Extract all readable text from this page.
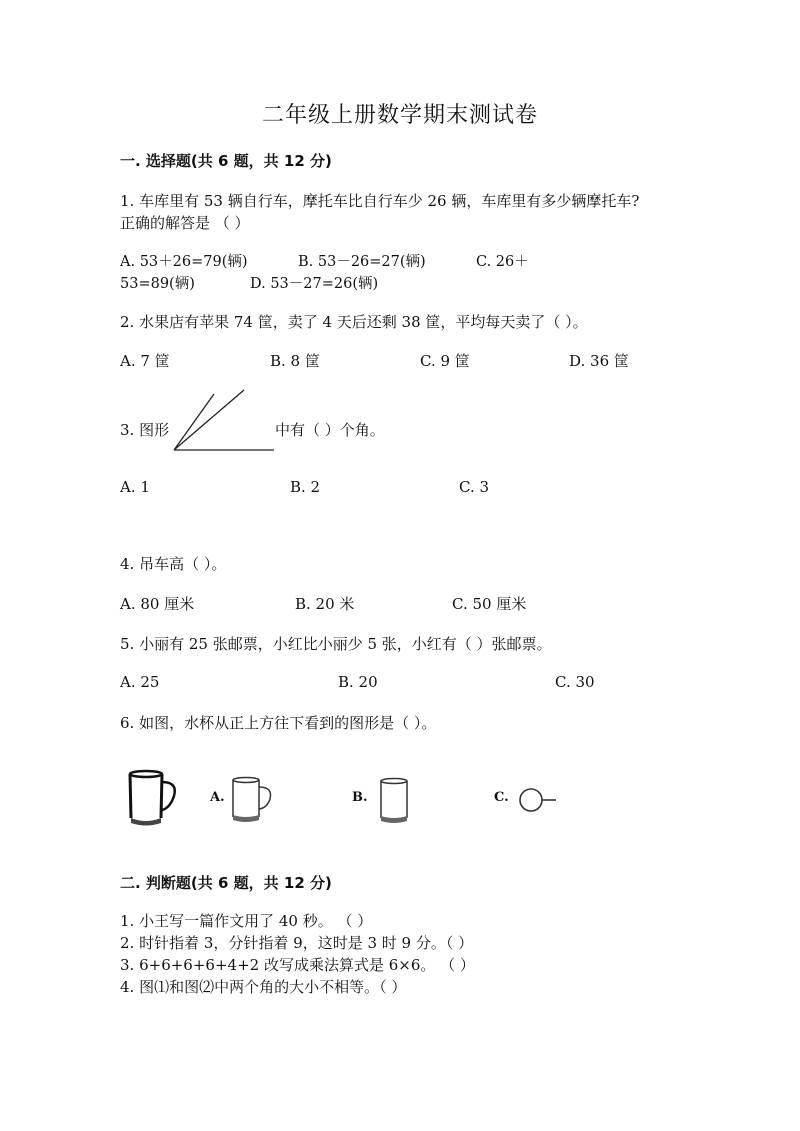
二年级上册数学期末测试卷
一. 选择题(共 6 题，共 12 分)
1. 车库里有 53 辆自行车，摩托车比自行车少 26 辆，车库里有多少辆摩托车?
正确的解答是 （ ）
A. 53＋26=79(辆)	B. 53－26=27(辆)	C. 26＋
53=89(辆)	D. 53－27=26(辆)
2. 水果店有苹果 74 筐，卖了 4 天后还剩 38 筐，平均每天卖了（ ）。
A. 7 筐	B. 8 筐	C. 9 筐	D. 36 筐
3. 图形	中有（ ）个角。
A. 1	B. 2	C. 3
4. 吊车高（ ）。
A. 80 厘米	B. 20 米	C. 50 厘米
5. 小丽有 25 张邮票，小红比小丽少 5 张，小红有（ ）张邮票。
A. 25	B. 20	C. 30
6. 如图，水杯从正上方往下看到的图形是（ ）。
A.	B.	C.
二. 判断题(共 6 题，共 12 分)
1. 小王写一篇作文用了 40 秒。 （ ）
2. 时针指着 3，分针指着 9，这时是 3 时 9 分。（ ）
3. 6+6+6+6+4+2 改写成乘法算式是 6×6。 （ ）
4. 图⑴和图⑵中两个角的大小不相等。（ ）
